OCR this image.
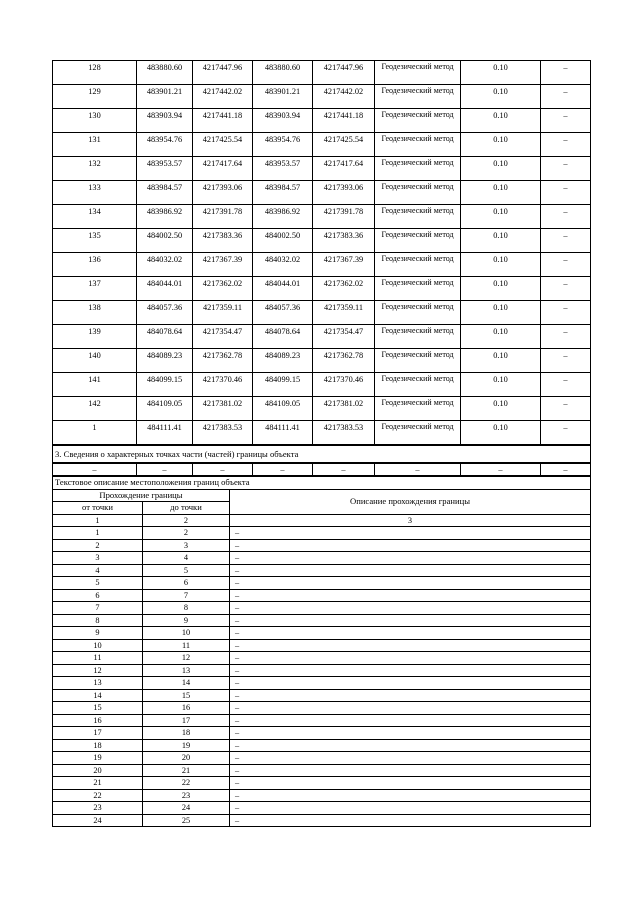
128	483880.60	4217447.96	483880.60	4217447.96	Геодезический метод	0.10	–
129	483901.21	4217442.02	483901.21	4217442.02	Геодезический метод	0.10	–
130	483903.94	4217441.18	483903.94	4217441.18	Геодезический метод	0.10	–
131	483954.76	4217425.54	483954.76	4217425.54	Геодезический метод	0.10	–
132	483953.57	4217417.64	483953.57	4217417.64	Геодезический метод	0.10	–
133	483984.57	4217393.06	483984.57	4217393.06	Геодезический метод	0.10	–
134	483986.92	4217391.78	483986.92	4217391.78	Геодезический метод	0.10	–
135	484002.50	4217383.36	484002.50	4217383.36	Геодезический метод	0.10	–
136	484032.02	4217367.39	484032.02	4217367.39	Геодезический метод	0.10	–
137	484044.01	4217362.02	484044.01	4217362.02	Геодезический метод	0.10	–
138	484057.36	4217359.11	484057.36	4217359.11	Геодезический метод	0.10	–
139	484078.64	4217354.47	484078.64	4217354.47	Геодезический метод	0.10	–
140	484089.23	4217362.78	484089.23	4217362.78	Геодезический метод	0.10	–
141	484099.15	4217370.46	484099.15	4217370.46	Геодезический метод	0.10	–
142	484109.05	4217381.02	484109.05	4217381.02	Геодезический метод	0.10	–
1	484111.41	4217383.53	484111.41	4217383.53	Геодезический метод	0.10	–
3. Сведения о характерных точках части (частей) границы объекта
–	–	–	–	–	–	–	–
Текстовое описание местоположения границ объекта		
Прохождение границы		Описание прохождения границы
от точки	до точки	
1	2	3
1	2	–
2	3	–
3	4	–
4	5	–
5	6	–
6	7	–
7	8	–
8	9	–
9	10	–
10	11	–
11	12	–
12	13	–
13	14	–
14	15	–
15	16	–
16	17	–
17	18	–
18	19	–
19	20	–
20	21	–
21	22	–
22	23	–
23	24	–
24	25	–
